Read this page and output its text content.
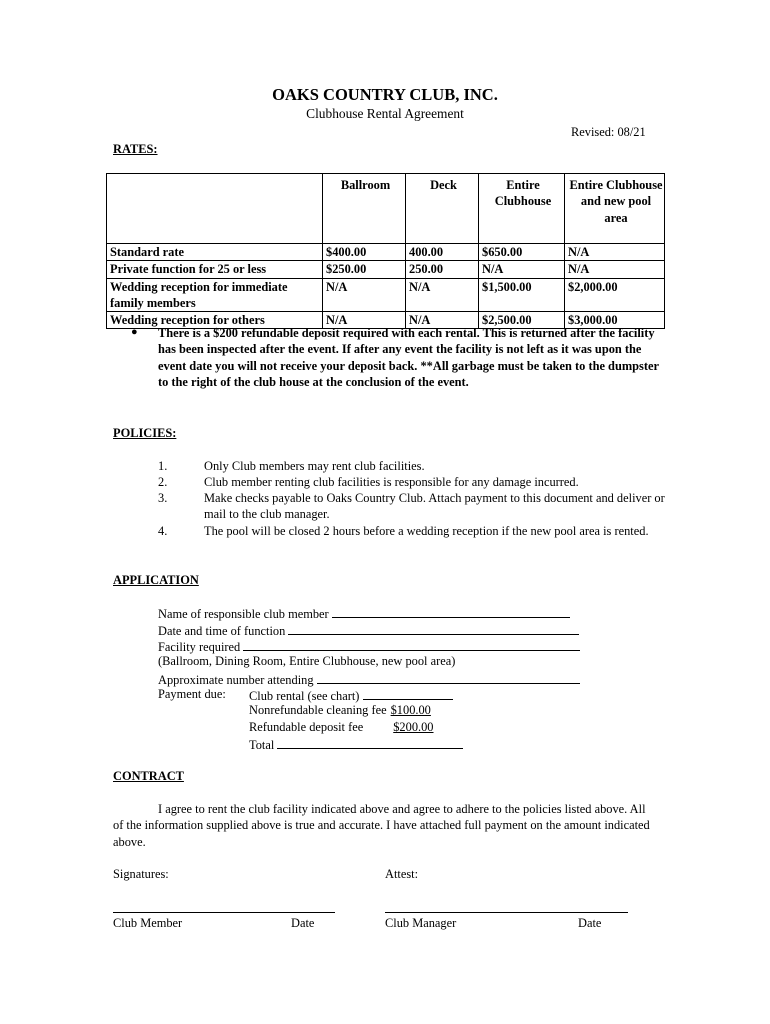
OAKS COUNTRY CLUB, INC.
Clubhouse Rental Agreement
Revised: 08/21
RATES:
	Ballroom	Deck	Entire Clubhouse	Entire Clubhouse and new pool area
Standard rate	$400.00	400.00	$650.00	N/A
Private function for 25 or less	$250.00	250.00	N/A	N/A
Wedding reception for immediate family members	N/A	N/A	$1,500.00	$2,000.00
Wedding reception for others	N/A	N/A	$2,500.00	$3,000.00
● There is a $200 refundable deposit required with each rental. This is returned after the facility has been inspected after the event. If after any event the facility is not left as it was upon the event date you will not receive your deposit back. **All garbage must be taken to the dumpster to the right of the club house at the conclusion of the event.
POLICIES:
1.	Only Club members may rent club facilities.
2.	Club member renting club facilities is responsible for any damage incurred.
3.	Make checks payable to Oaks Country Club. Attach payment to this document and deliver or mail to the club manager.
4.	The pool will be closed 2 hours before a wedding reception if the new pool area is rented.
APPLICATION
Name of responsible club member
Date and time of function
Facility required
(Ballroom, Dining Room, Entire Clubhouse, new pool area)
Approximate number attending
Payment due: Club rental (see chart)
Nonrefundable cleaning fee $100.00
Refundable deposit fee $200.00
Total
CONTRACT
I agree to rent the club facility indicated above and agree to adhere to the policies listed above. All of the information supplied above is true and accurate. I have attached full payment on the amount indicated above.
Signatures:	Attest:
Club Member	Date	Club Manager	Date
